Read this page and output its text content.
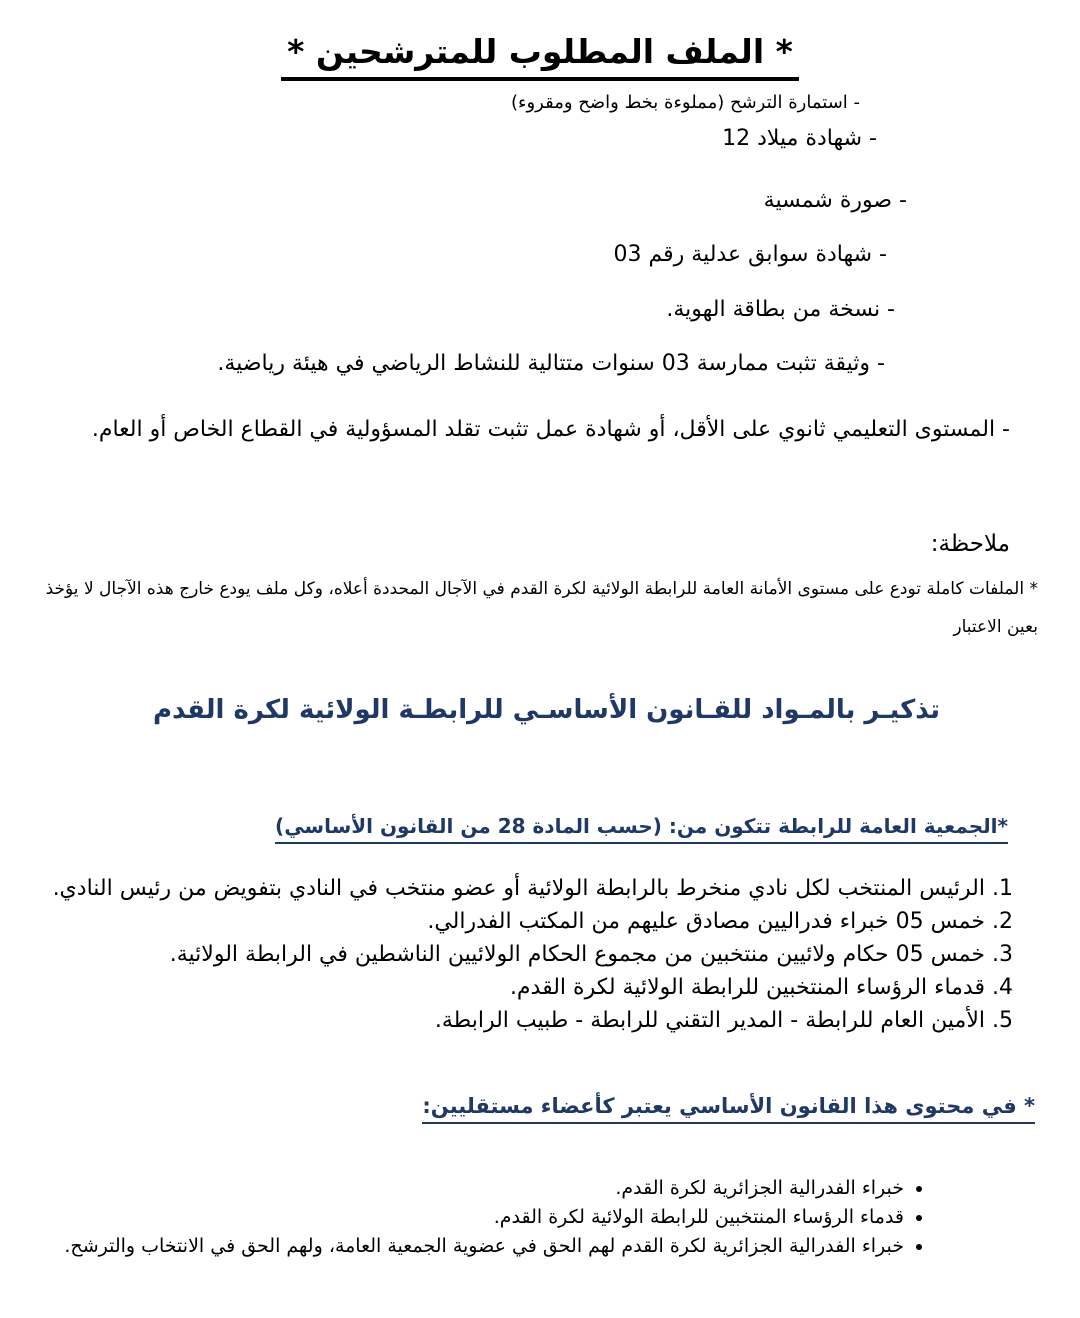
* الملف المطلوب للمترشحين *
- استمارة الترشح (مملوءة بخط واضح ومقروء)
- شهادة ميلاد 12
- صورة شمسية
- شهادة سوابق عدلية رقم 03
- نسخة من بطاقة الهوية.
- وثيقة تثبت ممارسة 03 سنوات متتالية للنشاط الرياضي في هيئة رياضية.
- المستوى التعليمي ثانوي على الأقل، أو شهادة عمل تثبت تقلد المسؤولية في القطاع الخاص أو العام.
ملاحظة:
* الملفات كاملة تودع على مستوى الأمانة العامة للرابطة الولائية لكرة القدم في الآجال المحددة أعلاه، وكل ملف يودع خارج هذه الآجال لا يؤخذ بعين الاعتبار
تذكيـر بالمـواد للقـانون الأساسـي للرابطـة الولائية لكرة القدم
*الجمعية العامة للرابطة تتكون من: (حسب المادة 28 من القانون الأساسي)
1. الرئيس المنتخب لكل نادي منخرط بالرابطة الولائية أو عضو منتخب في النادي بتفويض من رئيس النادي.
2. خمس 05 خبراء فدراليين مصادق عليهم من المكتب الفدرالي.
3. خمس 05 حكام ولائيين منتخبين من مجموع الحكام الولائيين الناشطين في الرابطة الولائية.
4. قدماء الرؤساء المنتخبين للرابطة الولائية لكرة القدم.
5. الأمين العام للرابطة - المدير التقني للرابطة - طبيب الرابطة.
* في محتوى هذا القانون الأساسي يعتبر كأعضاء مستقليين:
• خبراء الفدرالية الجزائرية لكرة القدم.
• قدماء الرؤساء المنتخبين للرابطة الولائية لكرة القدم.
• خبراء الفدرالية الجزائرية لكرة القدم لهم الحق في عضوية الجمعية العامة، ولهم الحق في الانتخاب والترشح.
